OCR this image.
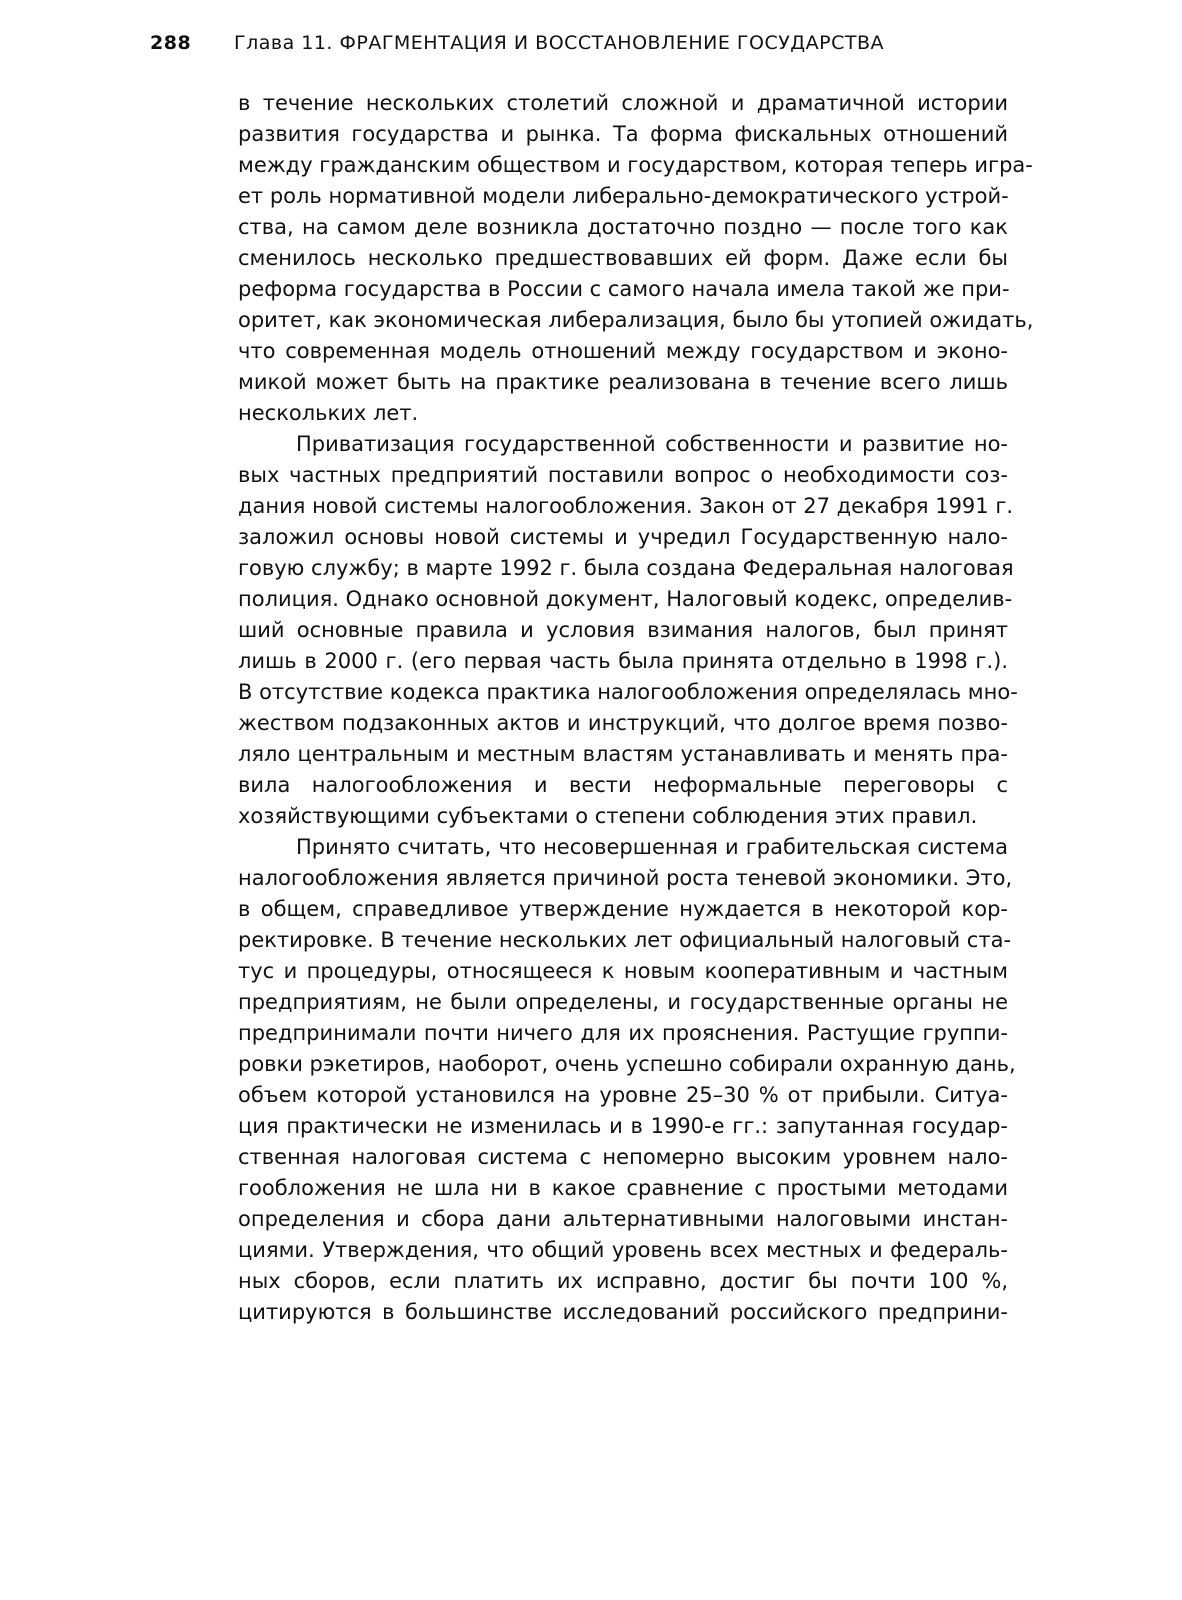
288	Глава 11. ФРАГМЕНТАЦИЯ И ВОССТАНОВЛЕНИЕ ГОСУДАРСТВА
в течение нескольких столетий сложной и драматичной истории
развития государства и рынка. Та форма фискальных отношений
между гражданским обществом и государством, которая теперь игра-
ет роль нормативной модели либерально-демократического устрой-
ства, на самом деле возникла достаточно поздно — после того как
сменилось несколько предшествовавших ей форм. Даже если бы
реформа государства в России с самого начала имела такой же при-
оритет, как экономическая либерализация, было бы утопией ожидать,
что современная модель отношений между государством и эконо-
микой может быть на практике реализована в течение всего лишь
нескольких лет.
Приватизация государственной собственности и развитие но-
вых частных предприятий поставили вопрос о необходимости соз-
дания новой системы налогообложения. Закон от 27 декабря 1991 г.
заложил основы новой системы и учредил Государственную нало-
говую службу; в марте 1992 г. была создана Федеральная налоговая
полиция. Однако основной документ, Налоговый кодекс, определив-
ший основные правила и условия взимания налогов, был принят
лишь в 2000 г. (его первая часть была принята отдельно в 1998 г.).
В отсутствие кодекса практика налогообложения определялась мно-
жеством подзаконных актов и инструкций, что долгое время позво-
ляло центральным и местным властям устанавливать и менять пра-
вила налогообложения и вести неформальные переговоры с
хозяйствующими субъектами о степени соблюдения этих правил.
Принято считать, что несовершенная и грабительская система
налогообложения является причиной роста теневой экономики. Это,
в общем, справедливое утверждение нуждается в некоторой кор-
ректировке. В течение нескольких лет официальный налоговый ста-
тус и процедуры, относящееся к новым кооперативным и частным
предприятиям, не были определены, и государственные органы не
предпринимали почти ничего для их прояснения. Растущие группи-
ровки рэкетиров, наоборот, очень успешно собирали охранную дань,
объем которой установился на уровне 25–30 % от прибыли. Ситуа-
ция практически не изменилась и в 1990-е гг.: запутанная государ-
ственная налоговая система с непомерно высоким уровнем нало-
гообложения не шла ни в какое сравнение с простыми методами
определения и сбора дани альтернативными налоговыми инстан-
циями. Утверждения, что общий уровень всех местных и федераль-
ных сборов, если платить их исправно, достиг бы почти 100 %,
цитируются в большинстве исследований российского предприни-
